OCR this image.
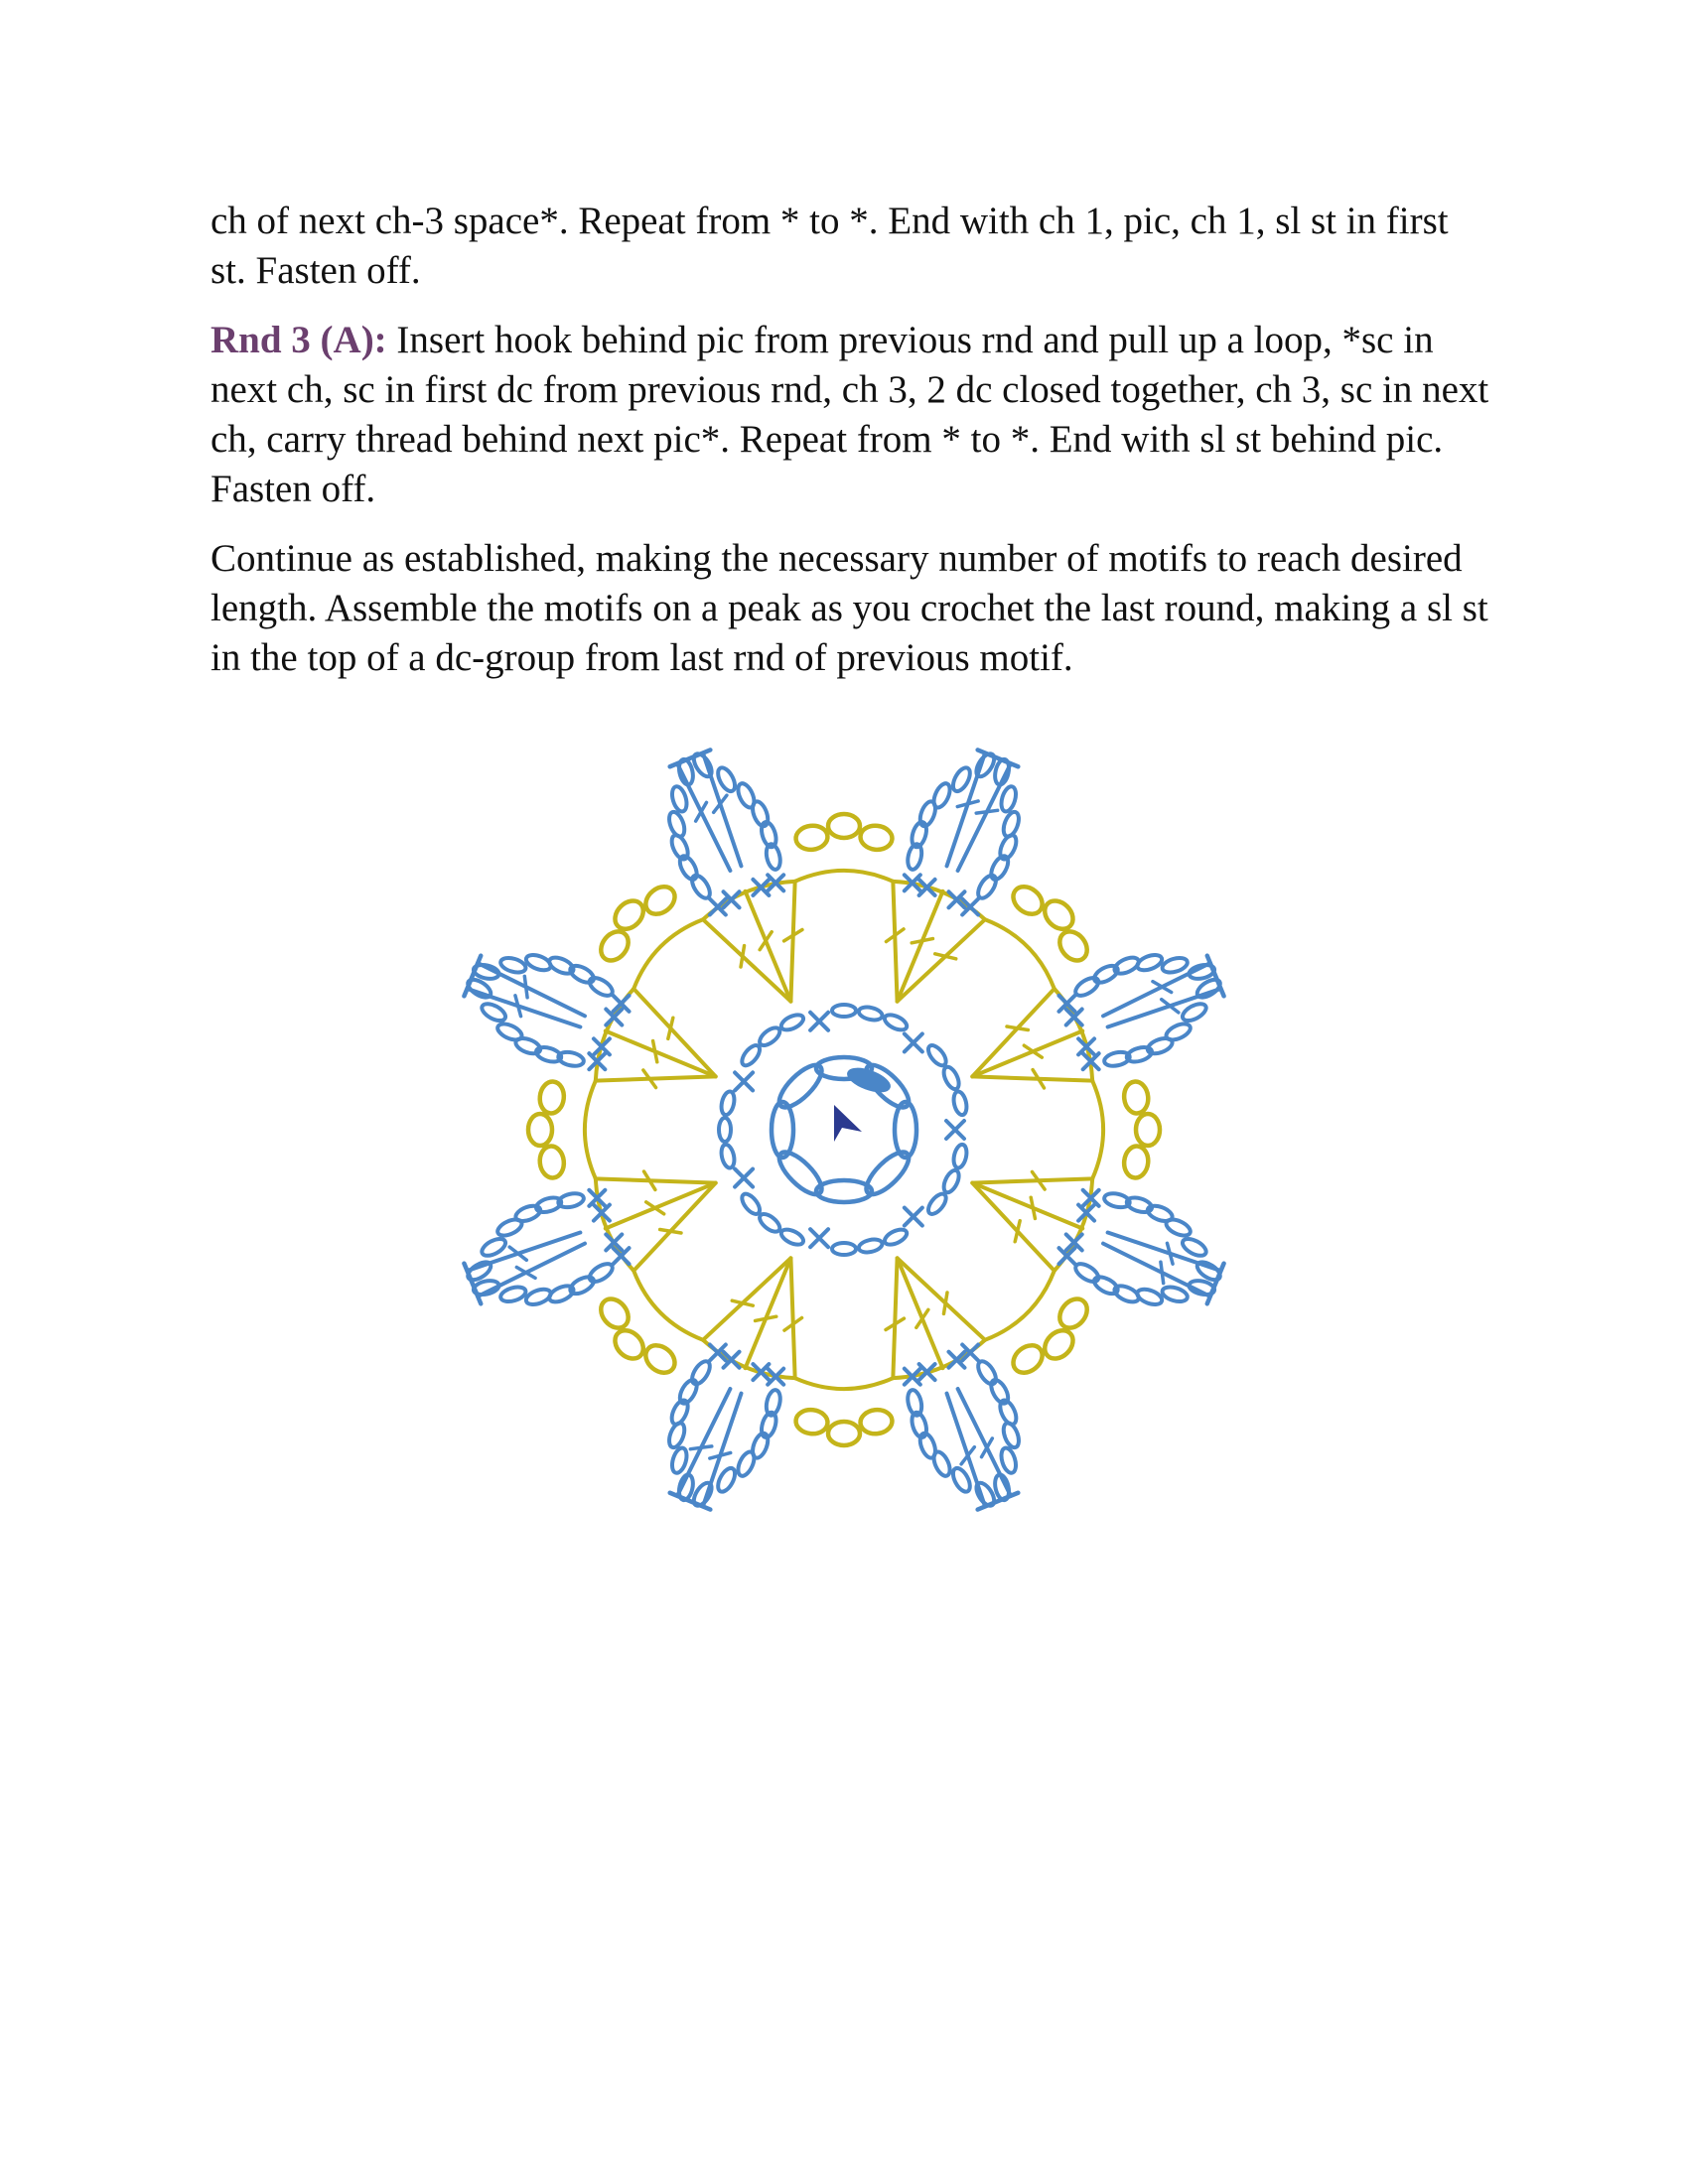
ch of next ch-3 space*. Repeat from * to *. End with ch 1, pic, ch 1, sl st in first st. Fasten off.

Rnd 3 (A): Insert hook behind pic from previous rnd and pull up a loop, *sc in next ch, sc in first dc from previous rnd, ch 3, 2 dc closed together, ch 3, sc in next ch, carry thread behind next pic*. Repeat from * to *. End with sl st behind pic. Fasten off.

Continue as established, making the necessary number of motifs to reach desired length. Assemble the motifs on a peak as you crochet the last round, making a sl st in the top of a dc-group from last rnd of previous motif.
